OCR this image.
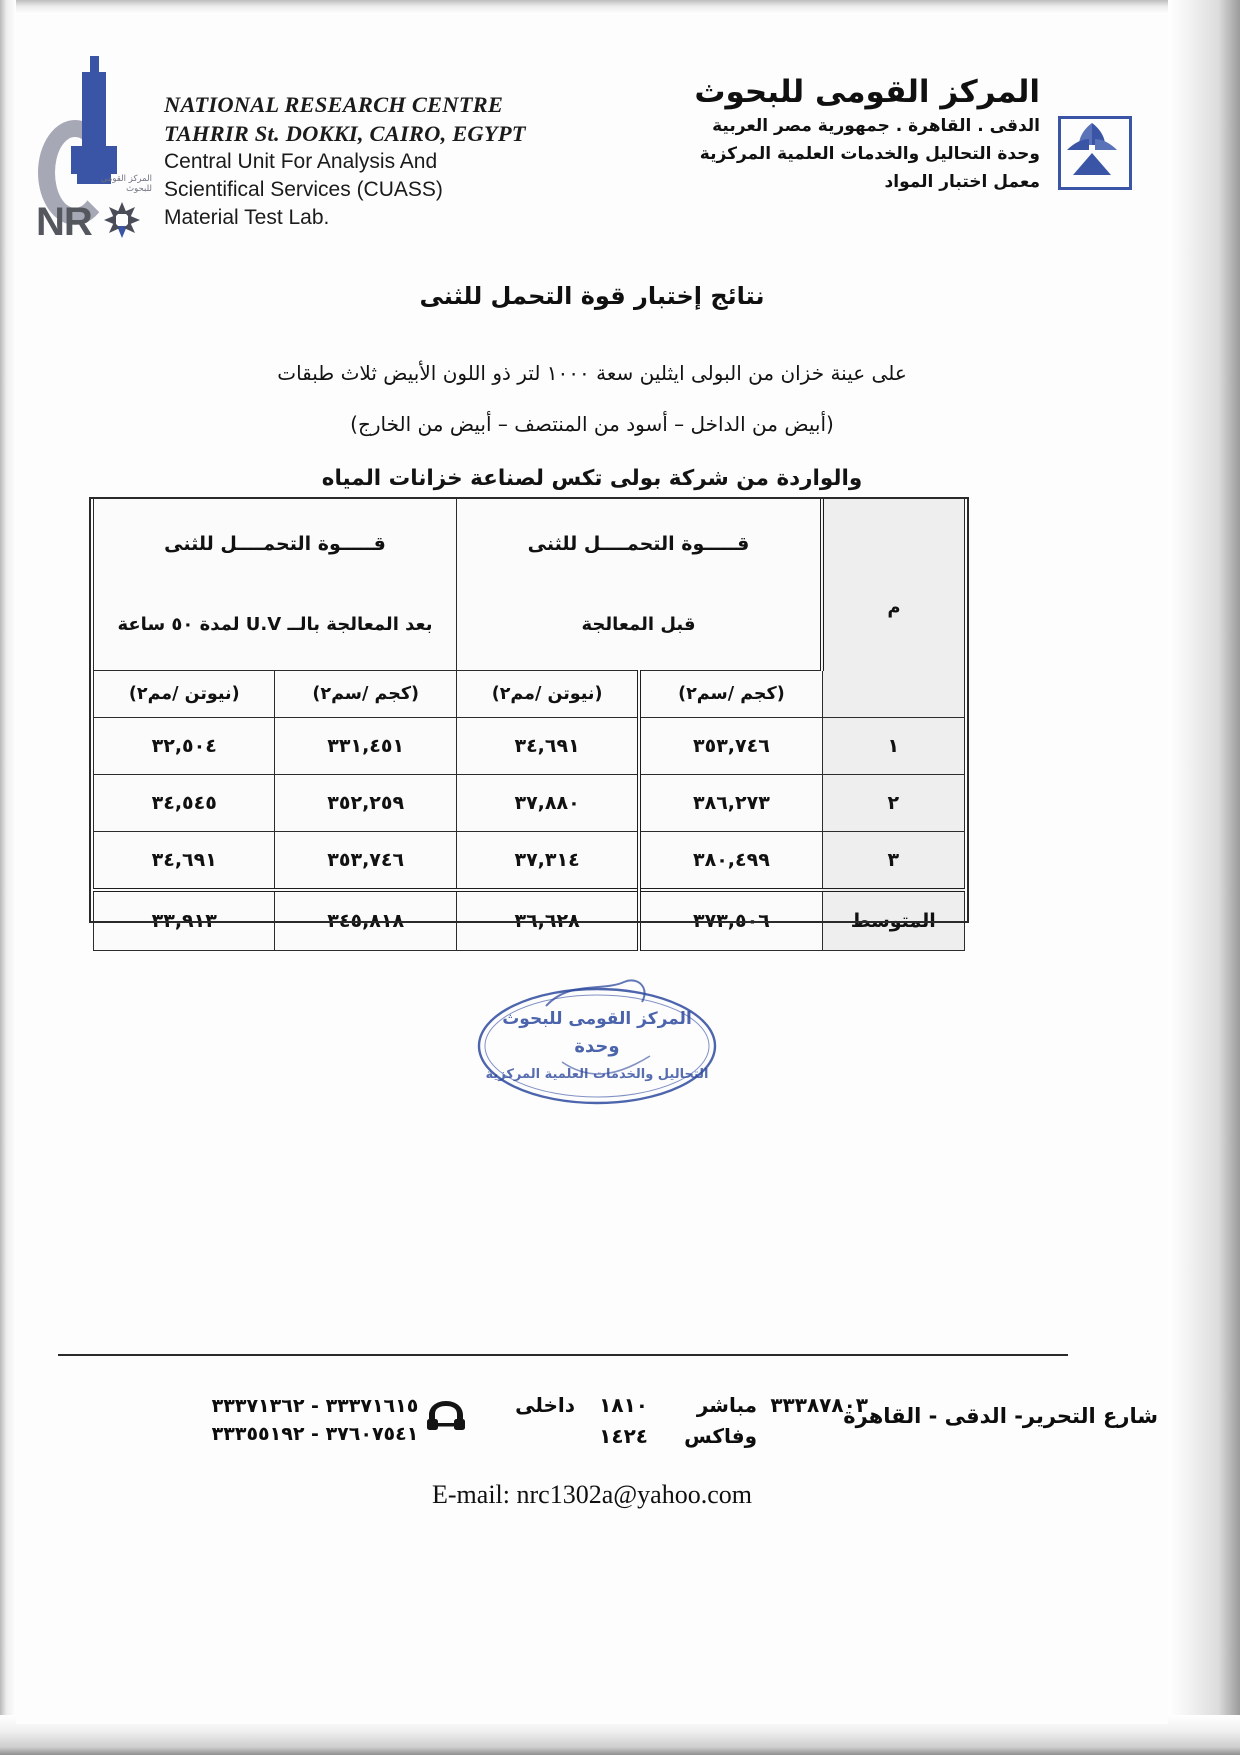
المركز القومى للبحوث
NR
NATIONAL RESEARCH CENTRE
TAHRIR St. DOKKI, CAIRO, EGYPT
Central Unit For Analysis And
Scientifical Services (CUASS)
Material Test Lab.
المركز القومى للبحوث
الدقى . القاهرة . جمهورية مصر العربية
وحدة التحاليل والخدمات العلمية المركزية
معمل اختبار المواد
نتائج إختبار قوة التحمل للثنى
على عينة خزان من البولى ايثلين سعة ١٠٠٠ لتر ذو اللون الأبيض ثلاث طبقات
(أبيض من الداخل – أسود من المنتصف – أبيض من الخارج)
والواردة من شركة بولى تكس لصناعة خزانات المياه
م	
قـــــوة التحمــــل للثنى
قبل المعالجة

قـــــوة التحمــــل للثنى
بعد المعالجة بالــ U.V لمدة ٥٠ ساعة

	(كجم /سم٢)	(نيوتن /مم٢)	(كجم /سم٢)	(نيوتن /مم٢)
١	٣٥٣,٧٤٦	٣٤,٦٩١	٣٣١,٤٥١	٣٢,٥٠٤
٢	٣٨٦,٢٧٣	٣٧,٨٨٠	٣٥٢,٢٥٩	٣٤,٥٤٥
٣	٣٨٠,٤٩٩	٣٧,٣١٤	٣٥٣,٧٤٦	٣٤,٦٩١
المتوسط	٣٧٣,٥٠٦	٣٦,٦٢٨	٣٤٥,٨١٨	٣٣,٩١٣
المركز القومى للبحوث
وحدة
التحاليل والخدمات العلمية المركزية
شارع التحرير- الدقى - القاهرة
٣٣٣٨٧٨٠٣ مباشر
وفاكس
١٨١٠ داخلى
١٤٢٤
٣٣٣٧١٦١٥ - ٣٣٣٧١٣٦٢
٣٧٦٠٧٥٤١ - ٣٣٣٥٥١٩٢
E-mail: nrc1302a@yahoo.com
